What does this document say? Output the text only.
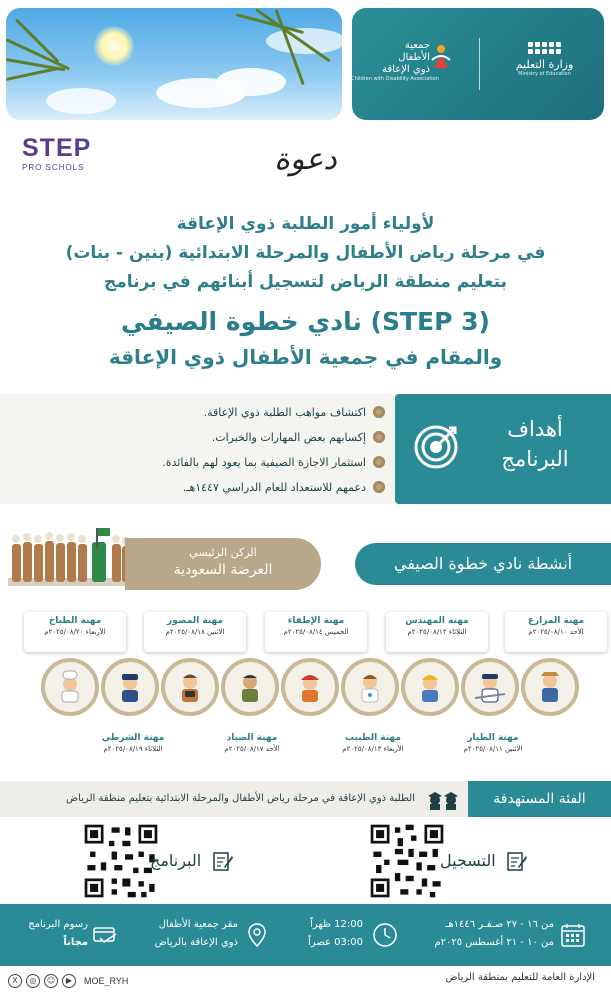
وزارة التعليم
Ministry of Education
جمعية
الأطفال
ذوي الإعاقة
Children with Disability Association
STEP
PRO SCHOLS	دعوة
لأولياء أمور الطلبة ذوي الإعاقة
في مرحلة رياض الأطفال والمرحلة الابتدائية (بنين - بنات)
بتعليم منطقة الرياض لتسجيل أبنائهم في برنامج
نادي خطوة الصيفي (STEP 3)
والمقام في جمعية الأطفال ذوي الإعاقة
أهداف
البرنامج
اكتشاف مواهب الطلبة ذوي الإعاقة.
إكسابهم بعض المهارات والخبرات.
استثمار الاجازة الصيفية بما يعود لهم بالفائدة.
دعمهم للاستعداد للعام الدراسي ١٤٤٧هـ.
الركن الرئيسي
العرضة السعودية	أنشطة نادي خطوة الصيفي
مهنة المزارع
الأحد ٢٠٢٥/٠٨/١٠م
مهنة المهندس
الثلاثاء ٢٠٢٥/٠٨/١٢م
مهنة الإطفاء
الخميس ٢٠٢٥/٠٨/١٤م
مهنة المصور
الاثنين ٢٠٢٥/٠٨/١٨م
مهنة الطباخ
الأربعاء ٢٠٢٥/٠٨/٢٠م
مهنة الطيار
الاثنين ٢٠٢٥/٠٨/١١م
مهنة الطبيب
الأربعاء ٢٠٢٥/٠٨/١٣م
مهنة الصياد
الأحد ٢٠٢٥/٠٨/١٧م
مهنة الشرطي
الثلاثاء ٢٠٢٥/٠٨/١٩م
الفئة المستهدفة
الطلبة ذوي الإعاقة في مرحلة رياض الأطفال والمرحلة الابتدائية بتعليم منطقة الرياض
التسجيل
البرنامج
من ١٦ - ٢٧ صـفـر ١٤٤٦هـ
من ١٠ - ٢١ أغسطس ٢٠٢٥م
12:00 ظهراً
03:00 عصراً
مقر جمعية الأطفال
ذوي الإعاقة بالرياض
رسوم البرنامج
مجاناً
X	◎	☺	▶	MOE_RYH	الإدارة العامة للتعليم بمنطقة الرياض
